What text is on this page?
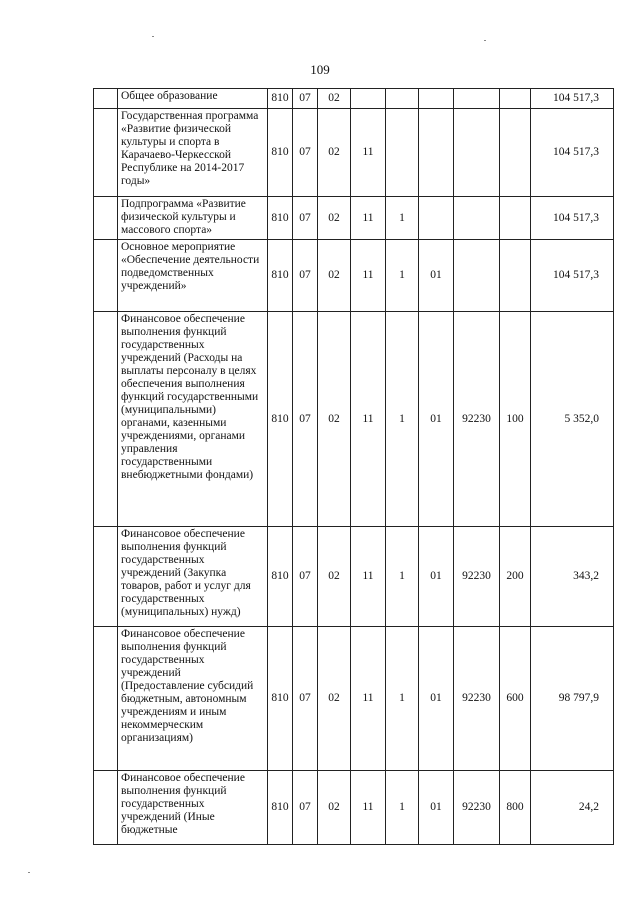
109
	Общее образование	810	07	02						104 517,3
	Государственная программа «Развитие физической культуры и спорта в Карачаево-Черкесской Республике на 2014-2017 годы»	810	07	02	11					104 517,3
	Подпрограмма «Развитие физической культуры и массового спорта»	810	07	02	11	1				104 517,3
	Основное мероприятие «Обеспечение деятельности подведомственных учреждений»	810	07	02	11	1	01			104 517,3
	Финансовое обеспечение выполнения функций государственных учреждений (Расходы на выплаты персоналу в целях обеспечения выполнения функций государственными (муниципальными) органами, казенными учреждениями, органами управления государственными внебюджетными фондами)	810	07	02	11	1	01	92230	100	5 352,0
	Финансовое обеспечение выполнения функций государственных учреждений (Закупка товаров, работ и услуг для государственных (муниципальных) нужд)	810	07	02	11	1	01	92230	200	343,2
	Финансовое обеспечение выполнения функций государственных учреждений (Предоставление субсидий бюджетным, автономным учреждениям и иным некоммерческим организациям)	810	07	02	11	1	01	92230	600	98 797,9
	Финансовое обеспечение выполнения функций государственных учреждений (Иные бюджетные	810	07	02	11	1	01	92230	800	24,2
